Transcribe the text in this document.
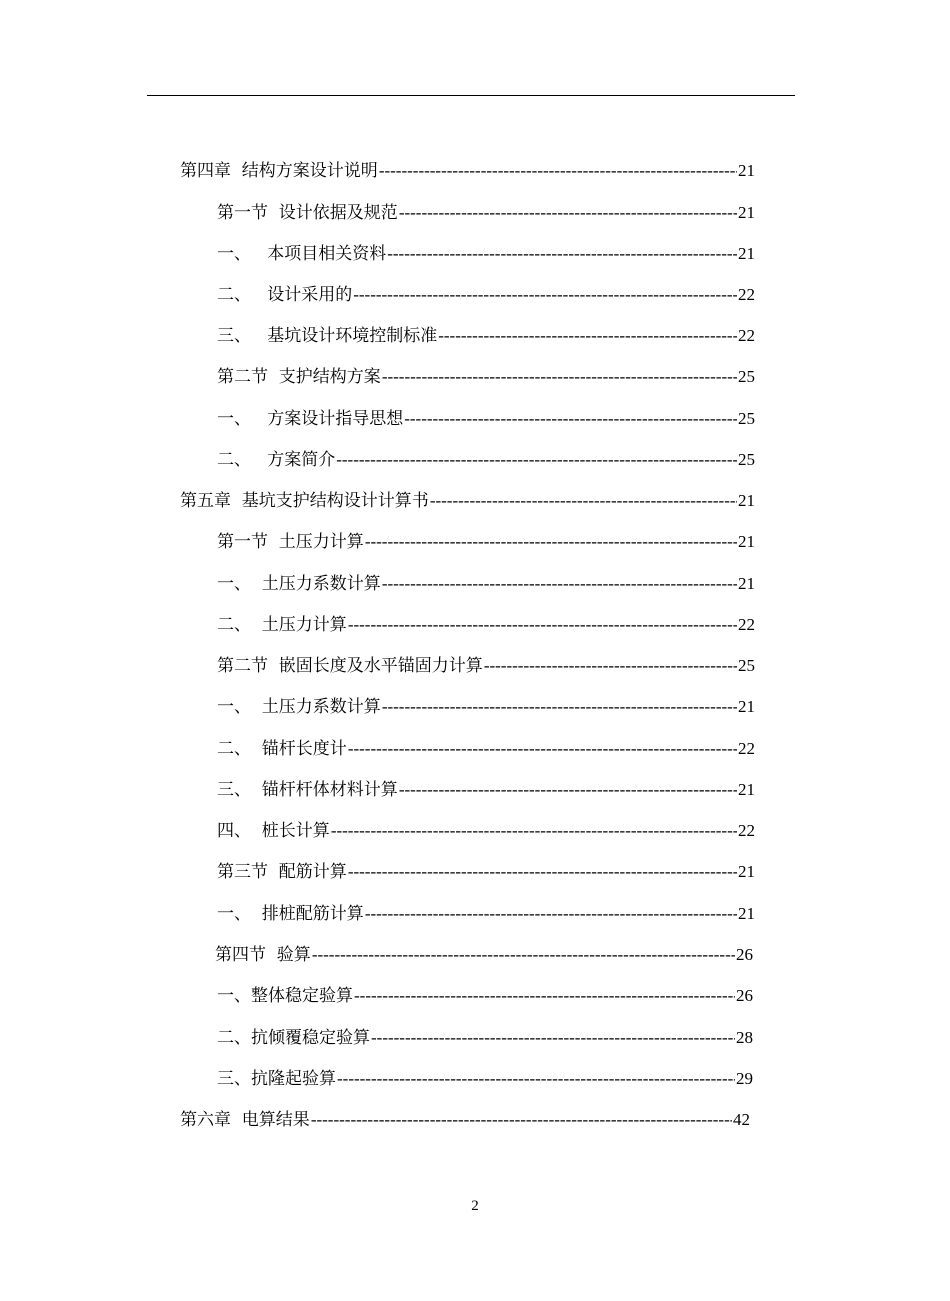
第四章  结构方案设计说明 -----	21
第一节  设计依据及规范 -----	21
一、   本项目相关资料 -----	21
二、   设计采用的 -----	22
三、   基坑设计环境控制标准 -----	22
第二节  支护结构方案 -----	25
一、   方案设计指导思想 -----	25
二、   方案简介 -----	25
第五章  基坑支护结构设计计算书 -----	21
第一节  土压力计算 -----	21
一、  土压力系数计算 -----	21
二、  土压力计算 -----	22
第二节  嵌固长度及水平锚固力计算 -----	25
一、  土压力系数计算 -----	21
二、  锚杆长度计 -----	22
三、  锚杆杆体材料计算 -----	21
四、  桩长计算 -----	22
第三节  配筋计算 -----	21
一、  排桩配筋计算 -----	21
第四节  验算 -----	26
一、整体稳定验算 -----	26
二、抗倾覆稳定验算 -----	28
三、抗隆起验算 -----	29
第六章  电算结果 -----	42
2
